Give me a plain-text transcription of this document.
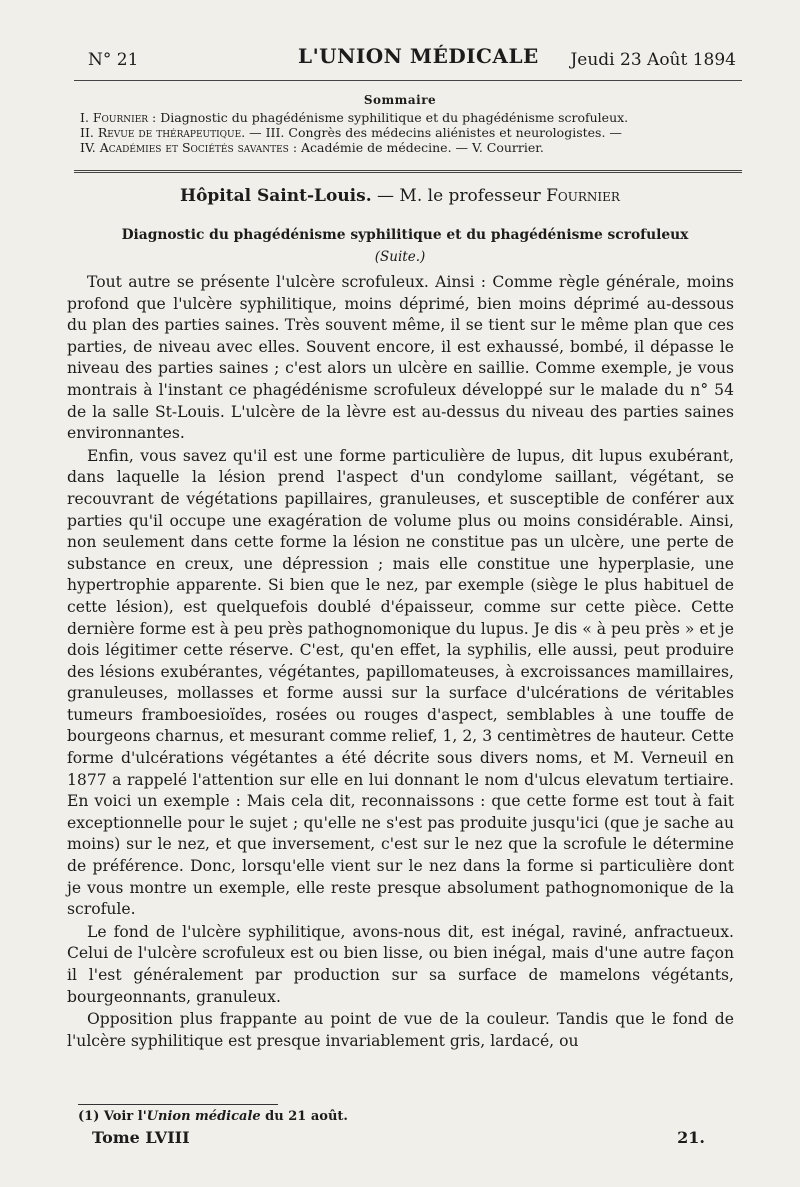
N° 21	L'UNION MÉDICALE Jeudi 23 Août 1894
Sommaire
I. Fournier : Diagnostic du phagédénisme syphilitique et du phagédénisme scrofuleux.
II. Revue de thérapeutique. — III. Congrès des médecins aliénistes et neurologistes. —
IV. Académies et Sociétés savantes : Académie de médecine. — V. Courrier.
Hôpital Saint-Louis. — M. le professeur Fournier
Diagnostic du phagédénisme syphilitique et du phagédénisme scrofuleux
(Suite.)

Tout autre se présente l'ulcère scrofuleux. Ainsi : Comme règle générale, moins profond que l'ulcère syphilitique, moins déprimé, bien moins déprimé au-dessous du plan des parties saines. Très souvent même, il se tient sur le même plan que ces parties, de niveau avec elles. Souvent encore, il est exhaussé, bombé, il dépasse le niveau des parties saines ; c'est alors un ulcère en saillie. Comme exemple, je vous montrais à l'instant ce phagédénisme scrofuleux développé sur le malade du n° 54 de la salle St-Louis. L'ulcère de la lèvre est au-dessus du niveau des parties saines environnantes.

Enfin, vous savez qu'il est une forme particulière de lupus, dit lupus exubérant, dans laquelle la lésion prend l'aspect d'un condylome saillant, végétant, se recouvrant de végétations papillaires, granuleuses, et susceptible de conférer aux parties qu'il occupe une exagération de volume plus ou moins considérable. Ainsi, non seulement dans cette forme la lésion ne constitue pas un ulcère, une perte de substance en creux, une dépression ; mais elle constitue une hyperplasie, une hypertrophie apparente. Si bien que le nez, par exemple (siège le plus habituel de cette lésion), est quelquefois doublé d'épaisseur, comme sur cette pièce. Cette dernière forme est à peu près pathognomonique du lupus. Je dis « à peu près » et je dois légitimer cette réserve. C'est, qu'en effet, la syphilis, elle aussi, peut produire des lésions exubérantes, végétantes, papillomateuses, à excroissances mamillaires, granuleuses, mollasses et forme aussi sur la surface d'ulcérations de véritables tumeurs framboesioïdes, rosées ou rouges d'aspect, semblables à une touffe de bourgeons charnus, et mesurant comme relief, 1, 2, 3 centimètres de hauteur. Cette forme d'ulcérations végétantes a été décrite sous divers noms, et M. Verneuil en 1877 a rappelé l'attention sur elle en lui donnant le nom d'ulcus elevatum tertiaire. En voici un exemple : Mais cela dit, reconnaissons : que cette forme est tout à fait exceptionnelle pour le sujet ; qu'elle ne s'est pas produite jusqu'ici (que je sache au moins) sur le nez, et que inversement, c'est sur le nez que la scrofule le détermine de préférence. Donc, lorsqu'elle vient sur le nez dans la forme si particulière dont je vous montre un exemple, elle reste presque absolument pathognomonique de la scrofule.

Le fond de l'ulcère syphilitique, avons-nous dit, est inégal, raviné, anfractueux. Celui de l'ulcère scrofuleux est ou bien lisse, ou bien inégal, mais d'une autre façon il l'est généralement par production sur sa surface de mamelons végétants, bourgeonnants, granuleux.

Opposition plus frappante au point de vue de la couleur. Tandis que le fond de l'ulcère syphilitique est presque invariablement gris, lardacé, ou

(1) Voir l'Union médicale du 21 août.
Tome LVIII	21.
